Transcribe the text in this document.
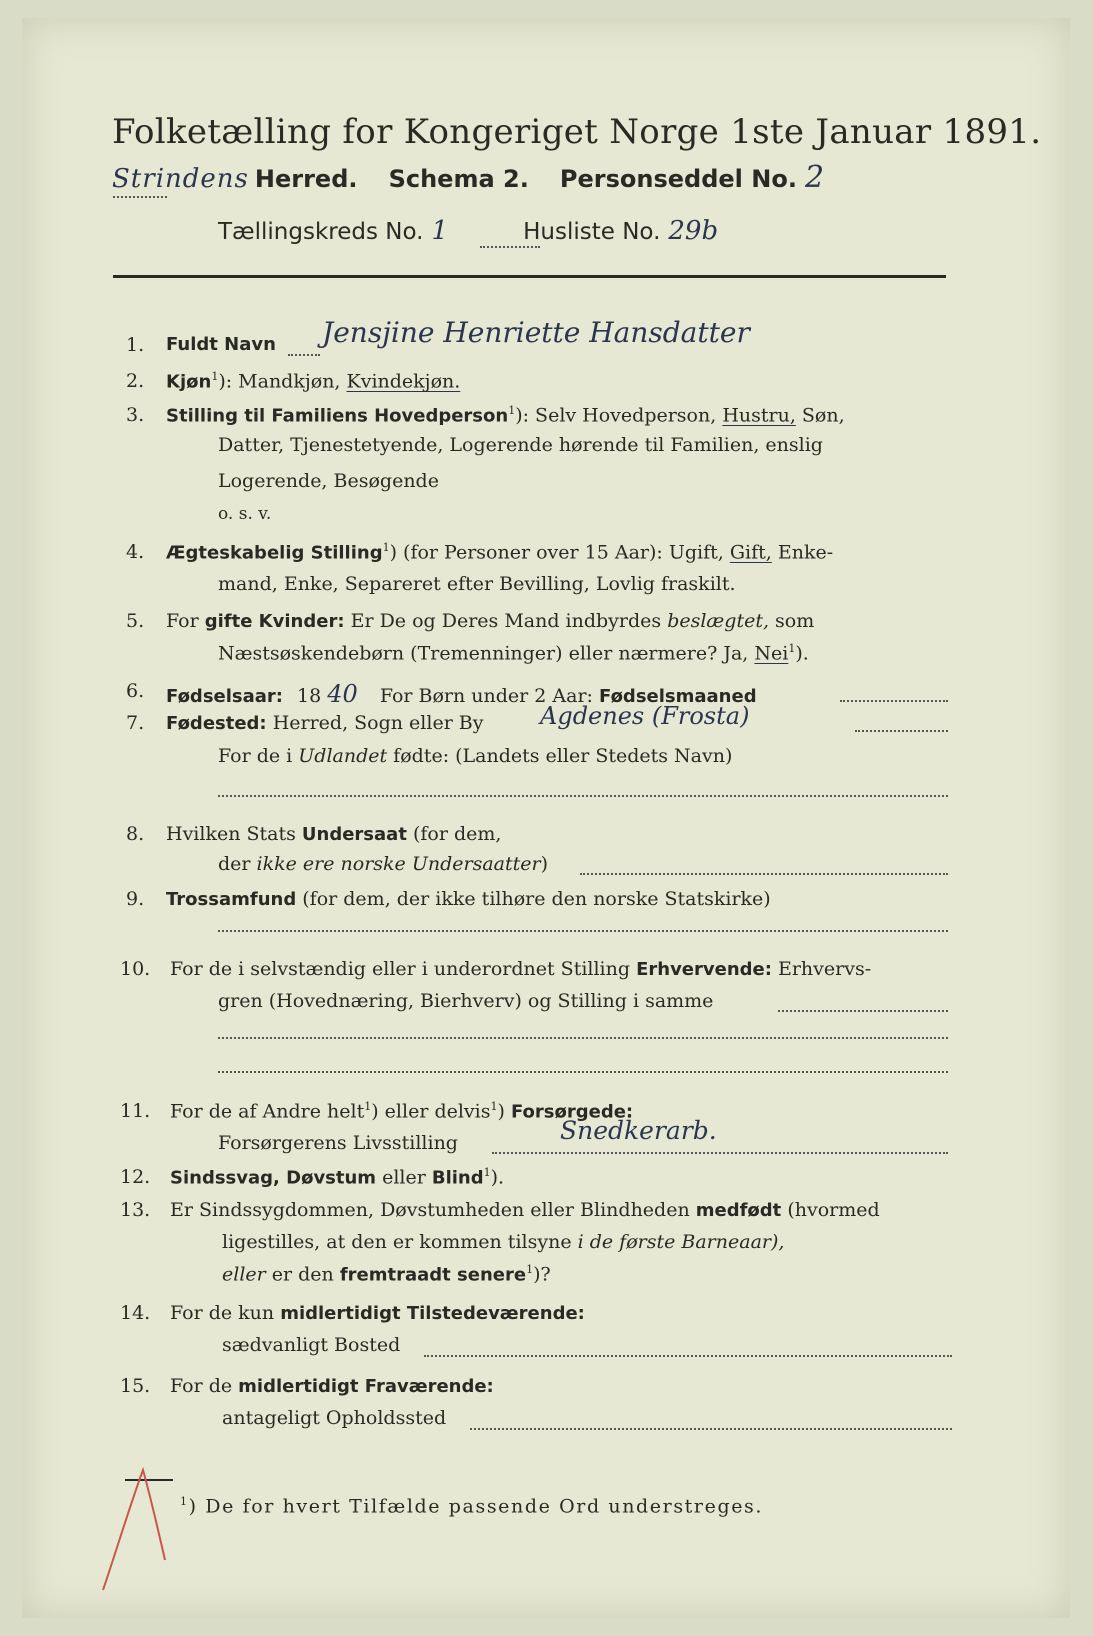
Folketælling for Kongeriget Norge 1ste Januar 1891.
Strindens Herred. Schema 2. Personseddel No. 2
Tællingskreds No. 1	Husliste No. 29b
1. Fuldt Navn Jensjine Henriette Hansdatter
2. Kjøn$^1$): Mandkjøn, Kvindekjøn.
3. Stilling til Familiens Hovedperson$^1$): Selv Hovedperson, Hustru, Søn,
Datter, Tjenestetyende, Logerende hørende til Familien, enslig
Logerende, Besøgende
o. s. v.
4. Ægteskabelig Stilling$^1$) (for Personer over 15 Aar): Ugift, Gift, Enke-
mand, Enke, Separeret efter Bevilling, Lovlig fraskilt.
5. For gifte Kvinder: Er De og Deres Mand indbyrdes beslægtet, som
Næstsøskendebørn (Tremenninger) eller nærmere? Ja, Nei$^1$).
6. Fødselsaar: 18 40 For Børn under 2 Aar: Fødselsmaaned
7. Fødested: Herred, Sogn eller By Agdenes (Frosta)
For de i Udlandet fødte: (Landets eller Stedets Navn)
8. Hvilken Stats Undersaat (for dem,
der ikke ere norske Undersaatter)
9. Trossamfund (for dem, der ikke tilhøre den norske Statskirke)
10. For de i selvstændig eller i underordnet Stilling Erhvervende: Erhvervs-
gren (Hovednæring, Bierhverv) og Stilling i samme
11. For de af Andre helt$^1$) eller delvis$^1$) Forsørgede:
Forsørgerens Livsstilling	Snedkerarb.
12. Sindssvag, Døvstum eller Blind$^1$).
13. Er Sindssygdommen, Døvstumheden eller Blindheden medfødt (hvormed
ligestilles, at den er kommen tilsyne i de første Barneaar),
eller er den fremtraadt senere$^1$)?
14. For de kun midlertidigt Tilstedeværende:
sædvanligt Bosted
15. For de midlertidigt Fraværende:
antageligt Opholdssted
$^1$) De for hvert Tilfælde passende Ord understreges.
